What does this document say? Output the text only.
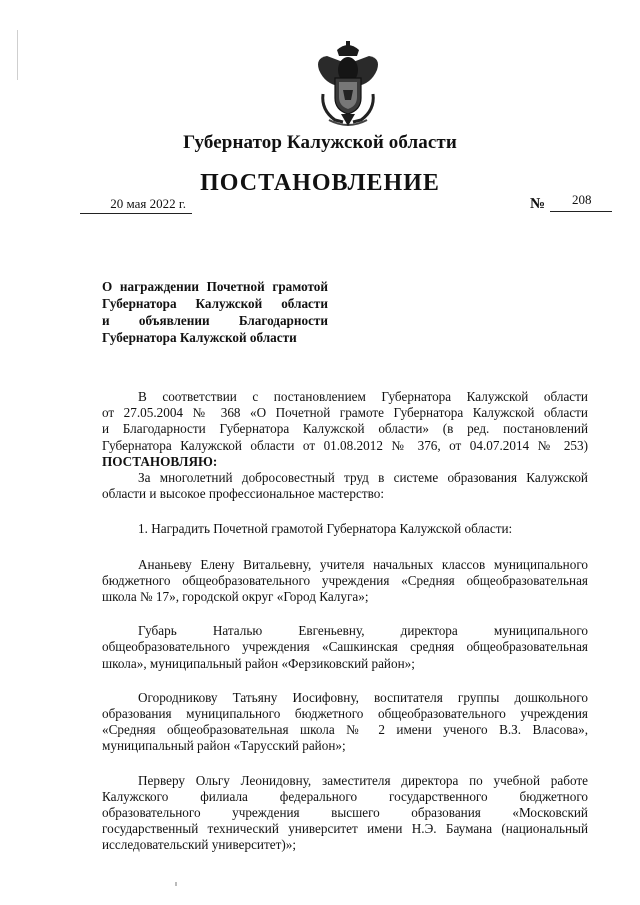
Губернатор Калужской области
ПОСТАНОВЛЕНИЕ
20 мая 2022 г.	№ 208
О награждении Почетной грамотой
Губернатора Калужской области
и объявлении Благодарности
Губернатора Калужской области

В соответствии с постановлением Губернатора Калужской области
от 27.05.2004 № 368 «О Почетной грамоте Губернатора Калужской области
и Благодарности Губернатора Калужской области» (в ред. постановлений
Губернатора Калужской области от 01.08.2012 № 376, от 04.07.2014 № 253)
ПОСТАНОВЛЯЮ:

За многолетний добросовестный труд в системе образования Калужской
области и высокое профессиональное мастерство:

1. Наградить Почетной грамотой Губернатора Калужской области:

Ананьеву Елену Витальевну, учителя начальных классов муниципального
бюджетного общеобразовательного учреждения «Средняя общеобразовательная
школа № 17», городской округ «Город Калуга»;

Губарь Наталью Евгеньевну, директора муниципального
общеобразовательного учреждения «Сашкинская средняя общеобразовательная
школа», муниципальный район «Ферзиковский район»;

Огородникову Татьяну Иосифовну, воспитателя группы дошкольного
образования муниципального бюджетного общеобразовательного учреждения
«Средняя общеобразовательная школа № 2 имени ученого В.З. Власова»,
муниципальный район «Тарусский район»;

Перверу Ольгу Леонидовну, заместителя директора по учебной работе
Калужского филиала федерального государственного бюджетного
образовательного учреждения высшего образования «Московский
государственный технический университет имени Н.Э. Баумана (национальный
исследовательский университет)»;
